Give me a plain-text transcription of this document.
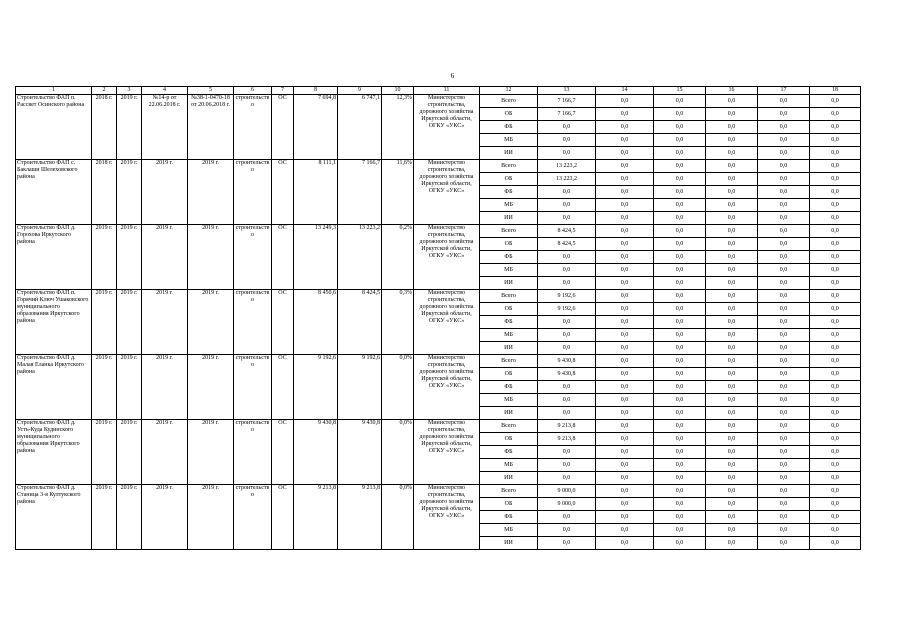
6
1	2	3	4	5	6	7	8	9	10	11	12	13	14	15	16	17	18
Строительство ФАП п. Рассвет Осинского района	2018 г.	2019 г.	№14-р от 22.06.2018 г.	№38-1-0470-18 от 20.06.2018 г.	строительство	ОС	7 694,8	6 747,1	12,3%	Министерство строительства, дорожного хозяйства Иркутской области, ОГКУ «УКС»	Всего	7 166,7	0,0	0,0	0,0	0,0	0,0
											ОБ	7 166,7	0,0	0,0	0,0	0,0	0,0
											ФБ	0,0	0,0	0,0	0,0	0,0	0,0
											МБ	0,0	0,0	0,0	0,0	0,0	0,0
											ИИ	0,0	0,0	0,0	0,0	0,0	0,0
Строительство ФАП с. Баклаши Шелеховского района	2018 г.	2019 г.	2019 г.	2019 г.	строительство	ОС	8 111,1	7 166,7	11,6%	Министерство строительства, дорожного хозяйства Иркутской области, ОГКУ «УКС»	Всего	13 223,2	0,0	0,0	0,0	0,0	0,0
											ОБ	13 223,2	0,0	0,0	0,0	0,0	0,0
											ФБ	0,0	0,0	0,0	0,0	0,0	0,0
											МБ	0,0	0,0	0,0	0,0	0,0	0,0
											ИИ	0,0	0,0	0,0	0,0	0,0	0,0
Строительство ФАП д. Горохова Иркутского района	2019 г.	2019 г.	2019 г.	2019 г.	строительство	ОС	13 249,3	13 223,2	0,2%	Министерство строительства, дорожного хозяйства Иркутской области, ОГКУ «УКС»	Всего	8 424,5	0,0	0,0	0,0	0,0	0,0
											ОБ	8 424,5	0,0	0,0	0,0	0,0	0,0
											ФБ	0,0	0,0	0,0	0,0	0,0	0,0
											МБ	0,0	0,0	0,0	0,0	0,0	0,0
											ИИ	0,0	0,0	0,0	0,0	0,0	0,0
Строительство ФАП п. Горячий Ключ Ушаковского муниципального образования Иркутского района	2019 г.	2019 г.	2019 г.	2019 г.	строительство	ОС	8 450,6	8 424,5	0,3%	Министерство строительства, дорожного хозяйства Иркутской области, ОГКУ «УКС»	Всего	9 192,6	0,0	0,0	0,0	0,0	0,0
											ОБ	9 192,6	0,0	0,0	0,0	0,0	0,0
											ФБ	0,0	0,0	0,0	0,0	0,0	0,0
											МБ	0,0	0,0	0,0	0,0	0,0	0,0
											ИИ	0,0	0,0	0,0	0,0	0,0	0,0
Строительство ФАП д. Малая Еланка Иркутского района	2019 г.	2019 г.	2019 г.	2019 г.	строительство	ОС	9 192,6	9 192,6	0,0%	Министерство строительства, дорожного хозяйства Иркутской области, ОГКУ «УКС»	Всего	9 430,8	0,0	0,0	0,0	0,0	0,0
											ОБ	9 430,8	0,0	0,0	0,0	0,0	0,0
											ФБ	0,0	0,0	0,0	0,0	0,0	0,0
											МБ	0,0	0,0	0,0	0,0	0,0	0,0
											ИИ	0,0	0,0	0,0	0,0	0,0	0,0
Строительство ФАП д. Усть-Куда Кудинского муниципального образования Иркутского района	2019 г.	2019 г.	2019 г.	2019 г.	строительство	ОС	9 430,8	9 430,8	0,0%	Министерство строительства, дорожного хозяйства Иркутской области, ОГКУ «УКС»	Всего	9 213,8	0,0	0,0	0,0	0,0	0,0
											ОБ	9 213,8	0,0	0,0	0,0	0,0	0,0
											ФБ	0,0	0,0	0,0	0,0	0,0	0,0
											МБ	0,0	0,0	0,0	0,0	0,0	0,0
											ИИ	0,0	0,0	0,0	0,0	0,0	0,0
Строительство ФАП д. Станица 3-я Култукского района	2019 г.	2019 г.	2019 г.	2019 г.	строительство	ОС	9 213,8	9 213,8	0,0%	Министерство строительства, дорожного хозяйства Иркутской области, ОГКУ «УКС»	Всего	9 000,0	0,0	0,0	0,0	0,0	0,0
											ОБ	9 000,0	0,0	0,0	0,0	0,0	0,0
											ФБ	0,0	0,0	0,0	0,0	0,0	0,0
											МБ	0,0	0,0	0,0	0,0	0,0	0,0
											ИИ	0,0	0,0	0,0	0,0	0,0	0,0
